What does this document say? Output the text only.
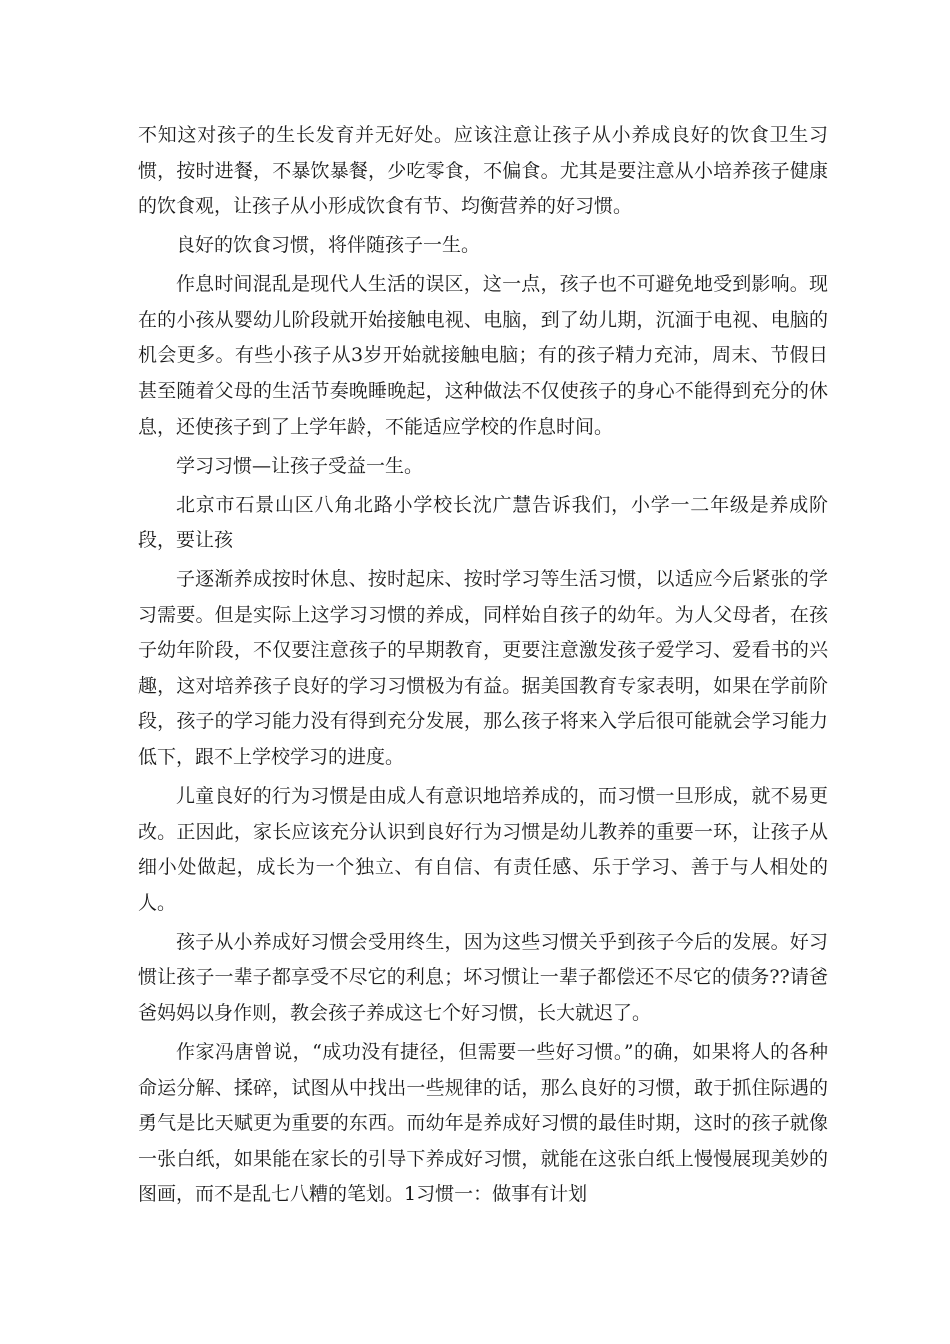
不知这对孩子的生长发育并无好处。应该注意让孩子从小养成良好的饮食卫生习惯，按时进餐，不暴饮暴餐，少吃零食，不偏食。尤其是要注意从小培养孩子健康的饮食观，让孩子从小形成饮食有节、均衡营养的好习惯。

良好的饮食习惯，将伴随孩子一生。

作息时间混乱是现代人生活的误区，这一点，孩子也不可避免地受到影响。现在的小孩从婴幼儿阶段就开始接触电视、电脑，到了幼儿期，沉湎于电视、电脑的机会更多。有些小孩子从3岁开始就接触电脑；有的孩子精力充沛，周末、节假日甚至随着父母的生活节奏晚睡晚起，这种做法不仅使孩子的身心不能得到充分的休息，还使孩子到了上学年龄，不能适应学校的作息时间。

学习习惯—让孩子受益一生。

北京市石景山区八角北路小学校长沈广慧告诉我们，小学一二年级是养成阶段，要让孩

子逐渐养成按时休息、按时起床、按时学习等生活习惯，以适应今后紧张的学习需要。但是实际上这学习习惯的养成，同样始自孩子的幼年。为人父母者，在孩子幼年阶段，不仅要注意孩子的早期教育，更要注意激发孩子爱学习、爱看书的兴趣，这对培养孩子良好的学习习惯极为有益。据美国教育专家表明，如果在学前阶段，孩子的学习能力没有得到充分发展，那么孩子将来入学后很可能就会学习能力低下，跟不上学校学习的进度。

儿童良好的行为习惯是由成人有意识地培养成的，而习惯一旦形成，就不易更改。正因此，家长应该充分认识到良好行为习惯是幼儿教养的重要一环，让孩子从细小处做起，成长为一个独立、有自信、有责任感、乐于学习、善于与人相处的人。

孩子从小养成好习惯会受用终生，因为这些习惯关乎到孩子今后的发展。好习惯让孩子一辈子都享受不尽它的利息；坏习惯让一辈子都偿还不尽它的债务??请爸爸妈妈以身作则，教会孩子养成这七个好习惯，长大就迟了。

作家冯唐曾说，“成功没有捷径，但需要一些好习惯。”的确，如果将人的各种命运分解、揉碎，试图从中找出一些规律的话，那么良好的习惯，敢于抓住际遇的勇气是比天赋更为重要的东西。而幼年是养成好习惯的最佳时期，这时的孩子就像一张白纸，如果能在家长的引导下养成好习惯，就能在这张白纸上慢慢展现美妙的图画，而不是乱七八糟的笔划。1习惯一：做事有计划
